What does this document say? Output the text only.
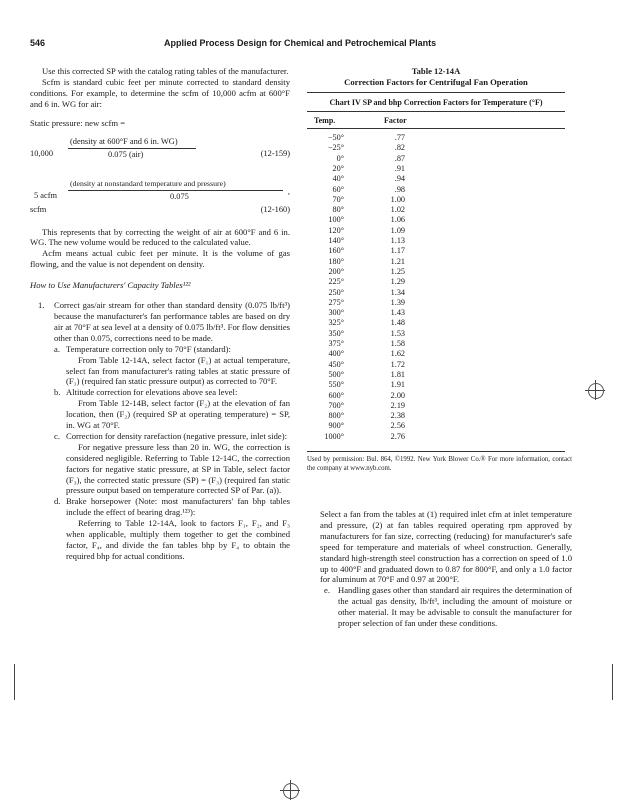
546	Applied Process Design for Chemical and Petrochemical Plants

Use this corrected SP with the catalog rating tables of the manufacturer.

Scfm is standard cubic feet per minute corrected to standard density conditions. For example, to determine the scfm of 10,000 acfm at 600°F and 6 in. WG for air:

Static pressure: new scfm =

10,000
(density at 600°F and 6 in. WG)
0.075 (air)	(12-159)
5 acfm
(density at nonstandard temperature and pressure)
0.075
,
scfm	(12-160)

This represents that by correcting the weight of air at 600°F and 6 in. WG. The new volume would be reduced to the calculated value.

Acfm means actual cubic feet per minute. It is the volume of gas flowing, and the value is not dependent on density.

How to Use Manufacturers' Capacity Tables¹²²

1. Correct gas/air stream for other than standard density (0.075 lb/ft³) because the manufacturer's fan performance tables are based on dry air at 70°F at sea level at a density of 0.075 lb/ft³. For flow densities other than 0.075, corrections need to be made.
a. Temperature correction only to 70°F (standard):

From Table 12-14A, select factor (F₁) at actual temperature, select fan from manufacturer's rating tables at static pressure of (F₁) (required fan static pressure output) as corrected to 70°F.

b. Altitude correction for elevations above sea level:

From Table 12-14B, select factor (F₂) at the elevation of fan location, then (F₂) (required SP at operating temperature) = SP, in. WG at 70°F.

c. Correction for density rarefaction (negative pressure, inlet side):

For negative pressure less than 20 in. WG, the correction is considered negligible. Referring to Table 12-14C, the correction factors for negative static pressure, at SP in Table, select factor (F₃), the corrected static pressure (SP) = (F₃) (required fan static pressure output based on temperature corrected SP of Par. (a)).

d. Brake horsepower (Note: most manufacturers' fan bhp tables include the effect of bearing drag.¹²³):

Referring to Table 12-14A, look to factors F₁, F₂, and F₃ when applicable, multiply them together to get the combined factor, F₄, and divide the fan tables bhp by F₄ to obtain the required bhp for actual conditions.

Table 12-14A
Correction Factors for Centrifugal Fan Operation
Chart IV SP and bhp Correction Factors for Temperature (°F)
Temp.	Factor
−50°	.77
−25°	.82
0°	.87
20°	.91
40°	.94
60°	.98
70°	1.00
80°	1.02
100°	1.06
120°	1.09
140°	1.13
160°	1.17
180°	1.21
200°	1.25
225°	1.29
250°	1.34
275°	1.39
300°	1.43
325°	1.48
350°	1.53
375°	1.58
400°	1.62
450°	1.72
500°	1.81
550°	1.91
600°	2.00
700°	2.19
800°	2.38
900°	2.56
1000°	2.76
Used by permission: Bul. 864, ©1992. New York Blower Co.® For more information, contact the company at www.nyb.com.

Select a fan from the tables at (1) required inlet cfm at inlet temperature and pressure, (2) at fan tables required operating rpm approved by manufacturers for fan size, correcting (reducing) for manufacturer's safe speed for temperature and materials of wheel construction. Generally, standard high-strength steel construction has a correction on speed of 1.0 up to 400°F and graduated down to 0.87 for 800°F, and only a 1.0 factor for aluminum at 70°F and 0.97 at 200°F.

e. Handling gases other than standard air requires the determination of the actual gas density, lb/ft³, including the amount of moisture or other material. It may be advisable to consult the manufacturer for proper selection of fan under these conditions.
